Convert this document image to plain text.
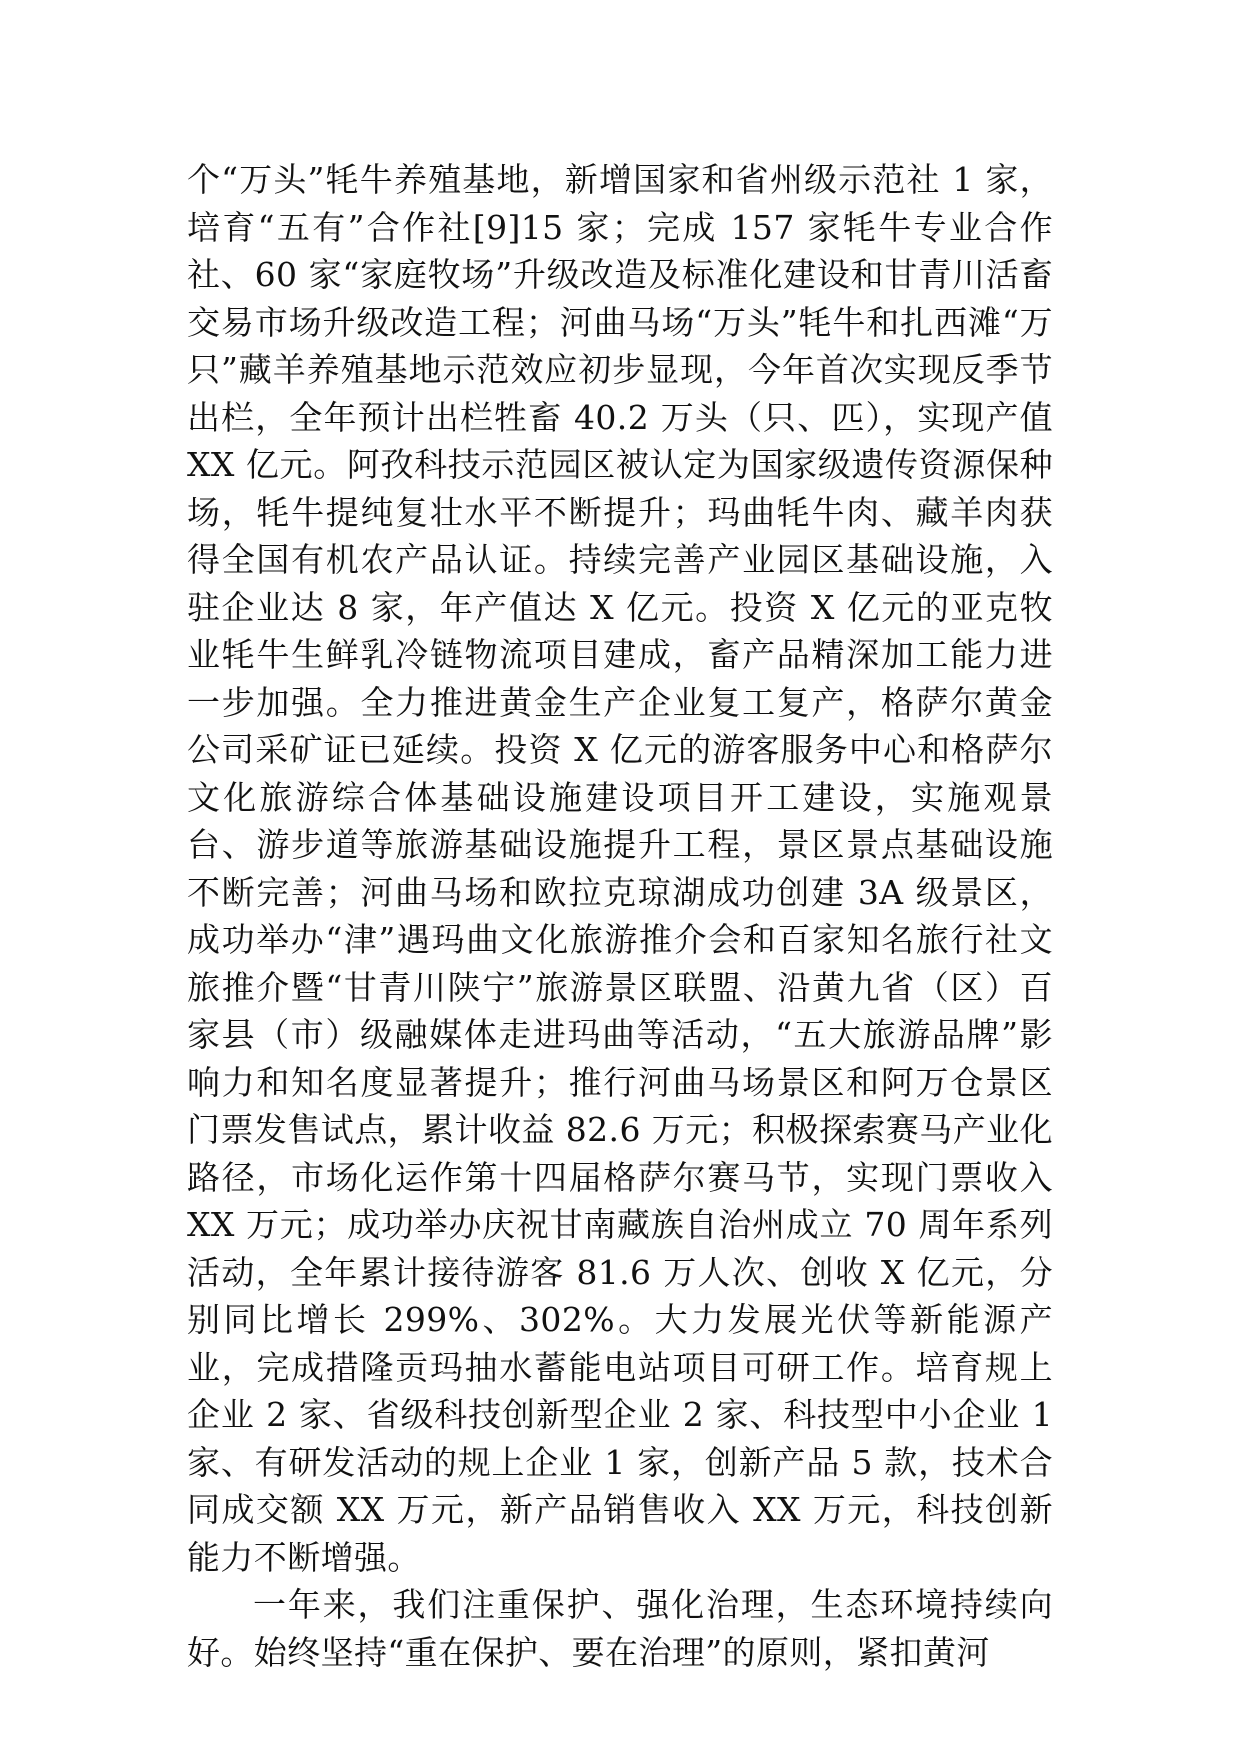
个“万头”牦牛养殖基地，新增国家和省州级示范社 1 家，培育“五有”合作社[9]15 家；完成 157 家牦牛专业合作社、60 家“家庭牧场”升级改造及标准化建设和甘青川活畜交易市场升级改造工程；河曲马场“万头”牦牛和扎西滩“万只”藏羊养殖基地示范效应初步显现，今年首次实现反季节出栏，全年预计出栏牲畜 40.2 万头（只、匹），实现产值 XX 亿元。阿孜科技示范园区被认定为国家级遗传资源保种场，牦牛提纯复壮水平不断提升；玛曲牦牛肉、藏羊肉获得全国有机农产品认证。持续完善产业园区基础设施，入驻企业达 8 家，年产值达 X 亿元。投资 X 亿元的亚克牧业牦牛生鲜乳冷链物流项目建成，畜产品精深加工能力进一步加强。全力推进黄金生产企业复工复产，格萨尔黄金公司采矿证已延续。投资 X 亿元的游客服务中心和格萨尔文化旅游综合体基础设施建设项目开工建设，实施观景台、游步道等旅游基础设施提升工程，景区景点基础设施不断完善；河曲马场和欧拉克琼湖成功创建 3A 级景区，成功举办“津”遇玛曲文化旅游推介会和百家知名旅行社文旅推介暨“甘青川陕宁”旅游景区联盟、沿黄九省（区）百家县（市）级融媒体走进玛曲等活动，“五大旅游品牌”影响力和知名度显著提升；推行河曲马场景区和阿万仓景区门票发售试点，累计收益 82.6 万元；积极探索赛马产业化路径，市场化运作第十四届格萨尔赛马节，实现门票收入 XX 万元；成功举办庆祝甘南藏族自治州成立 70 周年系列活动，全年累计接待游客 81.6 万人次、创收 X 亿元，分别同比增长 299%、302%。大力发展光伏等新能源产业，完成措隆贡玛抽水蓄能电站项目可研工作。培育规上企业 2 家、省级科技创新型企业 2 家、科技型中小企业 1 家、有研发活动的规上企业 1 家，创新产品 5 款，技术合同成交额 XX 万元，新产品销售收入 XX 万元，科技创新能力不断增强。

一年来，我们注重保护、强化治理，生态环境持续向好。始终坚持“重在保护、要在治理”的原则，紧扣黄河
